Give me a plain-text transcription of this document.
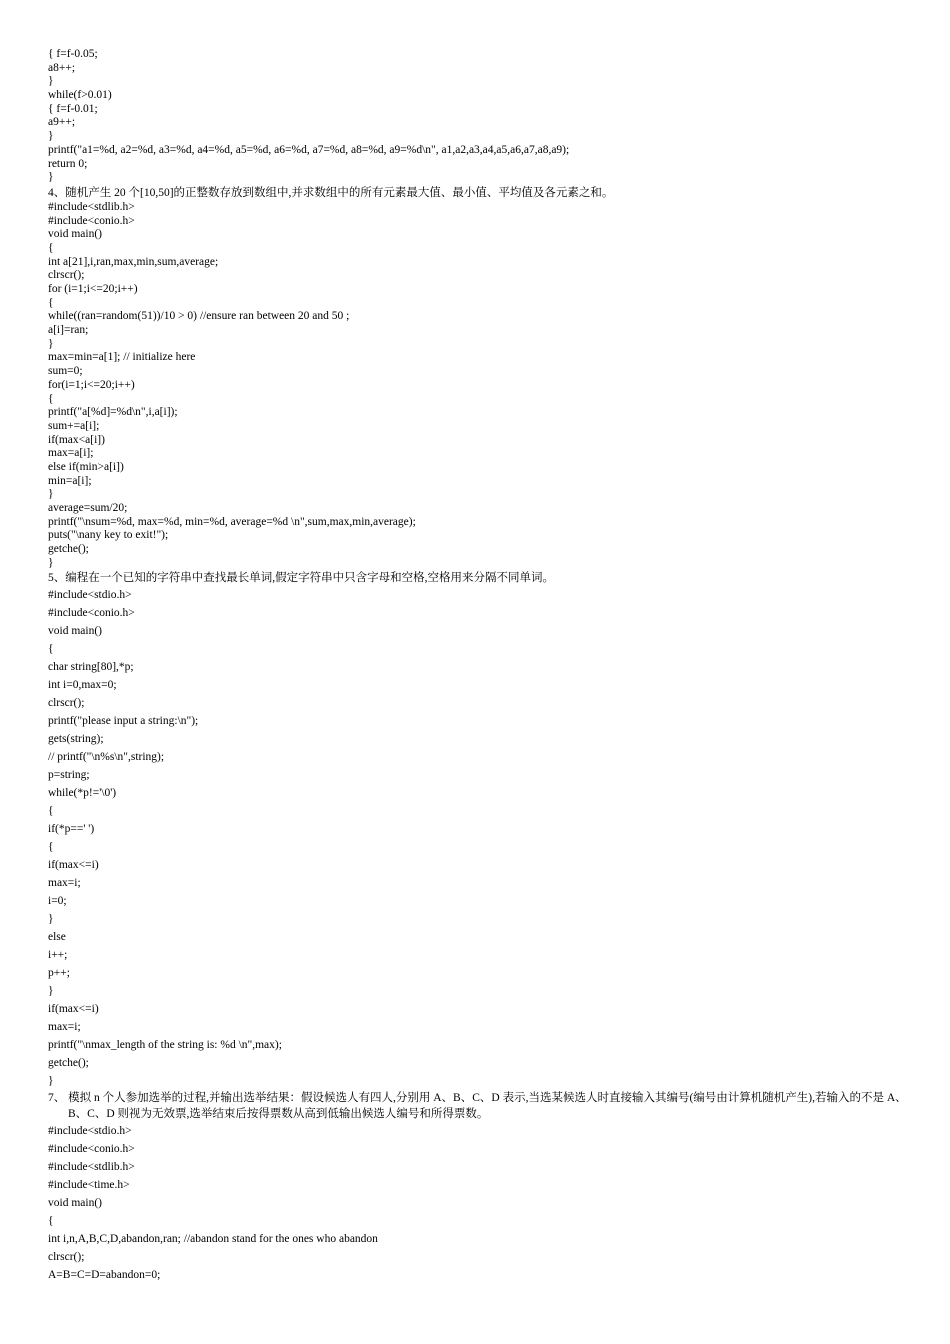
{ f=f-0.05;
a8++;
}
while(f>0.01)
{ f=f-0.01;
a9++;
}
printf("a1=%d, a2=%d, a3=%d, a4=%d, a5=%d, a6=%d, a7=%d, a8=%d, a9=%d\n", a1,a2,a3,a4,a5,a6,a7,a8,a9);
return 0;
}
4、随机产生 20 个[10,50]的正整数存放到数组中,并求数组中的所有元素最大值、最小值、平均值及各元素之和。
#include<stdlib.h>
#include<conio.h>
void main()
{
int a[21],i,ran,max,min,sum,average;
clrscr();
for (i=1;i<=20;i++)
{
while((ran=random(51))/10 > 0) //ensure ran between 20 and 50 ;
a[i]=ran;
}
max=min=a[1]; // initialize here
sum=0;
for(i=1;i<=20;i++)
{
printf("a[%d]=%d\n",i,a[i]);
sum+=a[i];
if(max<a[i])
max=a[i];
else if(min>a[i])
min=a[i];
}
average=sum/20;
printf("\nsum=%d, max=%d, min=%d, average=%d \n",sum,max,min,average);
puts("\nany key to exit!");
getche();
}
5、编程在一个已知的字符串中查找最长单词,假定字符串中只含字母和空格,空格用来分隔不同单词。
#include<stdio.h>
#include<conio.h>
void main()
{
char string[80],*p;
int i=0,max=0;
clrscr();
printf("please input a string:\n");
gets(string);
// printf("\n%s\n",string);
p=string;
while(*p!='\0')
{
if(*p==' ')
{
if(max<=i)
max=i;
i=0;
}
else
i++;
p++;
}
if(max<=i)
max=i;
printf("\nmax_length of the string is: %d \n",max);
getche();
}
7、 模拟 n 个人参加选举的过程,并输出选举结果：假设候选人有四人,分别用 A、B、C、D 表示,当选某候选人时直接输入其编号(编号由计算机随机产生),若输入的不是 A、B、C、D 则视为无效票,选举结束后按得票数从高到低输出候选人编号和所得票数。
#include<stdio.h>
#include<conio.h>
#include<stdlib.h>
#include<time.h>
void main()
{
int i,n,A,B,C,D,abandon,ran; //abandon stand for the ones who abandon
clrscr();
A=B=C=D=abandon=0;
